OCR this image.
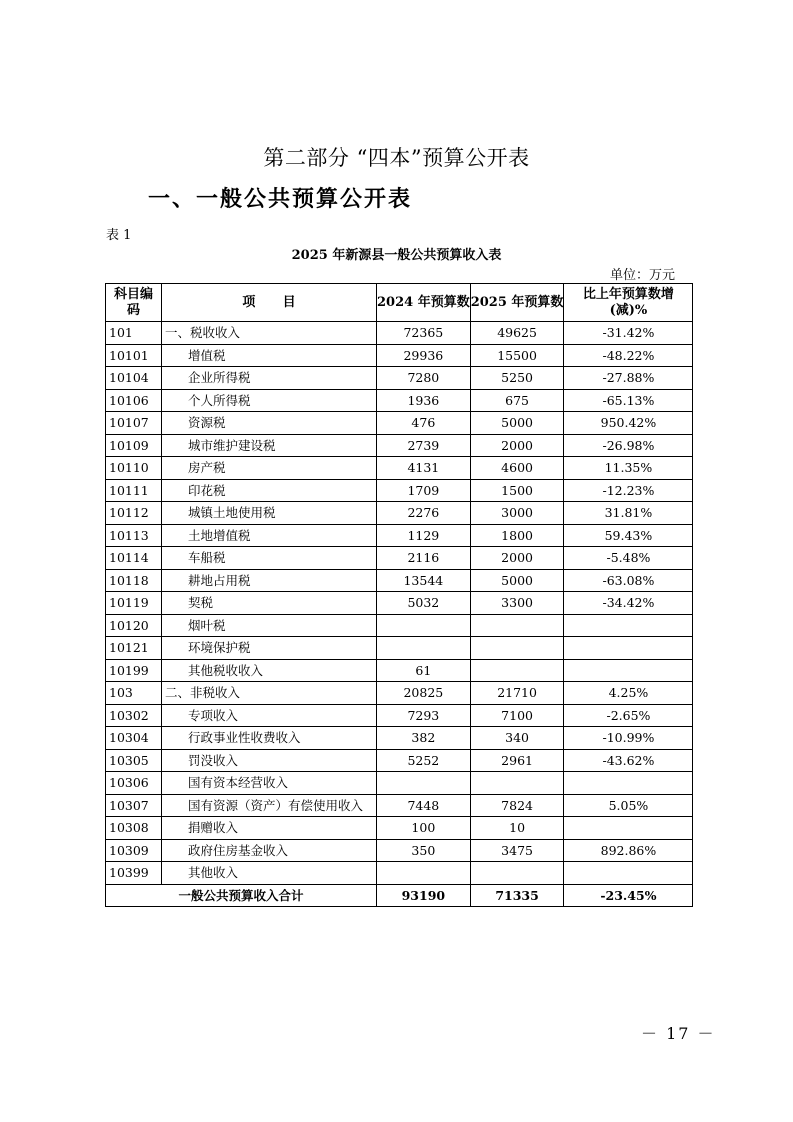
第二部分 “四本”预算公开表
一、一般公共预算公开表
表 1
2025 年新源县一般公共预算收入表
单位：万元
科目编码	项      目	2024 年预算数	2025 年预算数	比上年预算数增(减)%
101	一、税收收入	72365	49625	-31.42%
10101	增值税	29936	15500	-48.22%
10104	企业所得税	7280	5250	-27.88%
10106	个人所得税	1936	675	-65.13%
10107	资源税	476	5000	950.42%
10109	城市维护建设税	2739	2000	-26.98%
10110	房产税	4131	4600	11.35%
10111	印花税	1709	1500	-12.23%
10112	城镇土地使用税	2276	3000	31.81%
10113	土地增值税	1129	1800	59.43%
10114	车船税	2116	2000	-5.48%
10118	耕地占用税	13544	5000	-63.08%
10119	契税	5032	3300	-34.42%
10120	烟叶税			
10121	环境保护税			
10199	其他税收收入	61		
103	二、非税收入	20825	21710	4.25%
10302	专项收入	7293	7100	-2.65%
10304	行政事业性收费收入	382	340	-10.99%
10305	罚没收入	5252	2961	-43.62%
10306	国有资本经营收入			
10307	国有资源（资产）有偿使用收入	7448	7824	5.05%
10308	捐赠收入	100	10	
10309	政府住房基金收入	350	3475	892.86%
10399	其他收入			
一般公共预算收入合计		93190	71335	-23.45%
－ 17 －
